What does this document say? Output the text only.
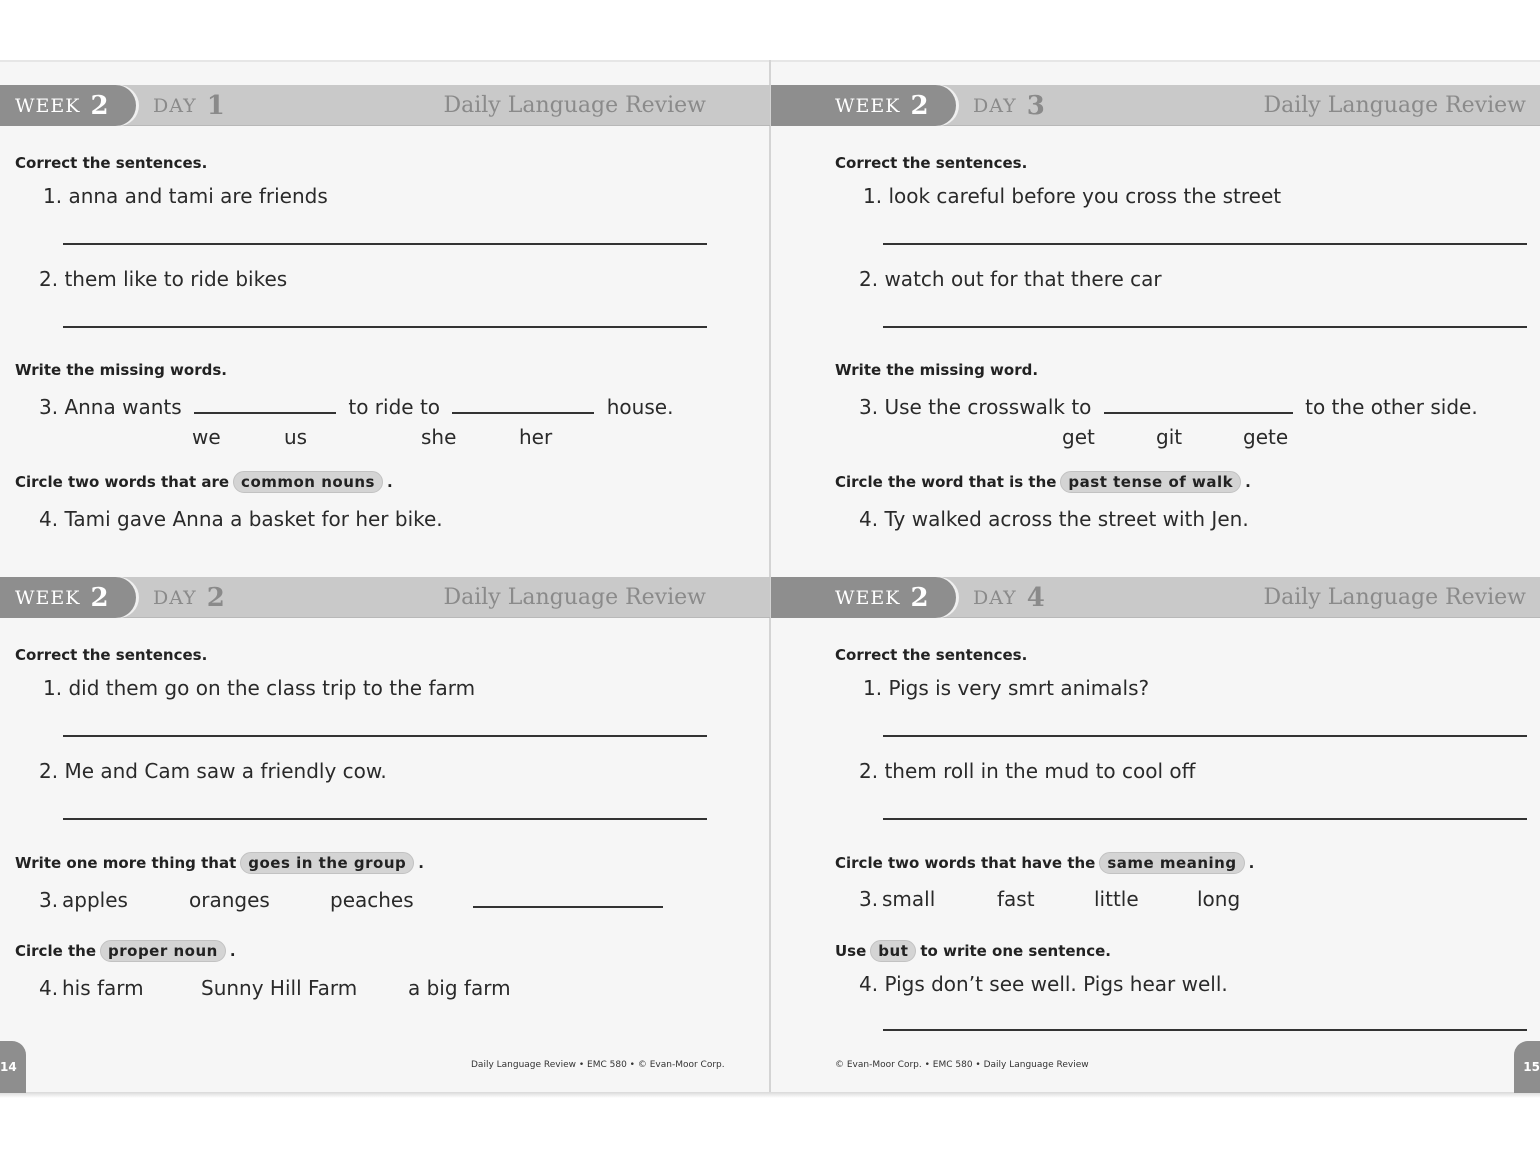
WEEK 2 DAY 1	Daily Language Review
Correct the sentences.
1. anna and tami are friends
2. them like to ride bikes
Write the missing words.
3. Anna wants	to ride to	house.
we	us	she	her
Circle two words that are common nouns .
4. Tami gave Anna a basket for her bike.
WEEK 2 DAY 2	Daily Language Review
Correct the sentences.
1. did them go on the class trip to the farm
2. Me and Cam saw a friendly cow.
Write one more thing that goes in the group .
3. apples	oranges	peaches
Circle the proper noun .
4. his farm	Sunny Hill Farm	a big farm
WEEK 2 DAY 3	Daily Language Review
Correct the sentences.
1. look careful before you cross the street
2. watch out for that there car
Write the missing word.
3. Use the crosswalk to	to the other side.
get	git	gete
Circle the word that is the past tense of walk .
4. Ty walked across the street with Jen.
WEEK 2 DAY 4	Daily Language Review
Correct the sentences.
1. Pigs is very smrt animals?
2. them roll in the mud to cool off
Circle two words that have the same meaning .
3. small	fast	little	long
Use but to write one sentence.
4. Pigs don’t see well. Pigs hear well.
Daily Language Review • EMC 580 • © Evan-Moor Corp.	© Evan-Moor Corp. • EMC 580 • Daily Language Review
14	15
